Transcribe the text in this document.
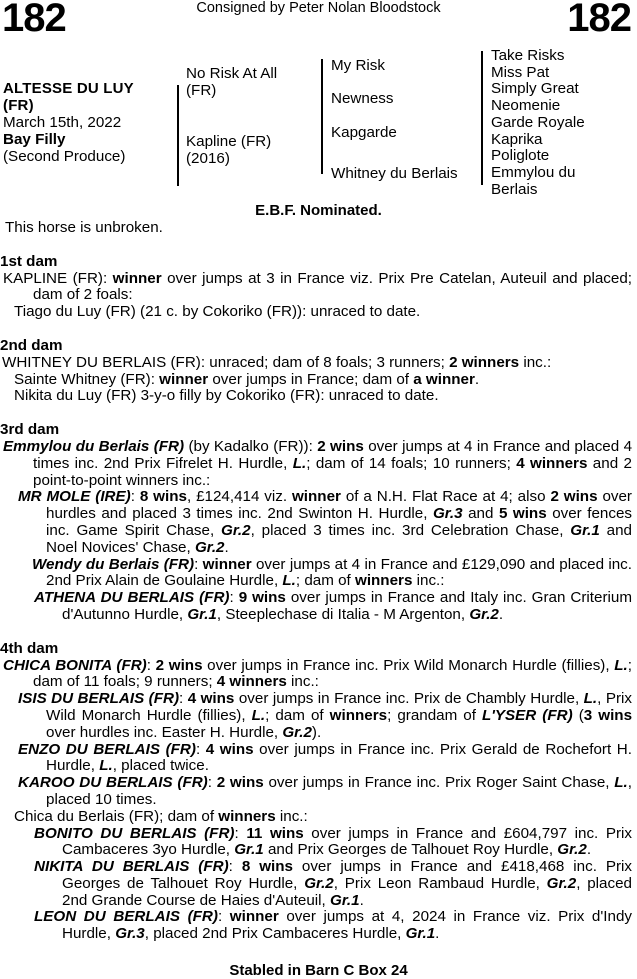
182	Consigned by Peter Nolan Bloodstock	182
ALTESSE DU LUY
(FR)
March 15th, 2022
Bay Filly
(Second Produce)
No Risk At All
(FR)
Kapline (FR)
(2016)
My Risk
Newness
Kapgarde
Whitney du Berlais
Take Risks
Miss Pat
Simply Great
Neomenie
Garde Royale
Kaprika
Poliglote
Emmylou du
Berlais
E.B.F. Nominated.

This horse is unbroken.

1st dam

KAPLINE (FR): winner over jumps at 3 in France viz. Prix Pre Catelan, Auteuil and placed; dam of 2 foals:

Tiago du Luy (FR) (21 c. by Cokoriko (FR)): unraced to date.

2nd dam

WHITNEY DU BERLAIS (FR): unraced; dam of 8 foals; 3 runners; 2 winners inc.:

Sainte Whitney (FR): winner over jumps in France; dam of a winner.

Nikita du Luy (FR) 3-y-o filly by Cokoriko (FR): unraced to date.

3rd dam

Emmylou du Berlais (FR) (by Kadalko (FR)): 2 wins over jumps at 4 in France and placed 4 times inc. 2nd Prix Fifrelet H. Hurdle, L.; dam of 14 foals; 10 runners; 4 winners and 2 point-to-point winners inc.:

MR MOLE (IRE): 8 wins, £124,414 viz. winner of a N.H. Flat Race at 4; also 2 wins over hurdles and placed 3 times inc. 2nd Swinton H. Hurdle, Gr.3 and 5 wins over fences inc. Game Spirit Chase, Gr.2, placed 3 times inc. 3rd Celebration Chase, Gr.1 and Noel Novices' Chase, Gr.2.

Wendy du Berlais (FR): winner over jumps at 4 in France and £129,090 and placed inc. 2nd Prix Alain de Goulaine Hurdle, L.; dam of winners inc.:

ATHENA DU BERLAIS (FR): 9 wins over jumps in France and Italy inc. Gran Criterium d'Autunno Hurdle, Gr.1, Steeplechase di Italia - M Argenton, Gr.2.

4th dam

CHICA BONITA (FR): 2 wins over jumps in France inc. Prix Wild Monarch Hurdle (fillies), L.; dam of 11 foals; 9 runners; 4 winners inc.:

ISIS DU BERLAIS (FR): 4 wins over jumps in France inc. Prix de Chambly Hurdle, L., Prix Wild Monarch Hurdle (fillies), L.; dam of winners; grandam of L'YSER (FR) (3 wins over hurdles inc. Easter H. Hurdle, Gr.2).

ENZO DU BERLAIS (FR): 4 wins over jumps in France inc. Prix Gerald de Rochefort H. Hurdle, L., placed twice.

KAROO DU BERLAIS (FR): 2 wins over jumps in France inc. Prix Roger Saint Chase, L., placed 10 times.

Chica du Berlais (FR); dam of winners inc.:

BONITO DU BERLAIS (FR): 11 wins over jumps in France and £604,797 inc. Prix Cambaceres 3yo Hurdle, Gr.1 and Prix Georges de Talhouet Roy Hurdle, Gr.2.

NIKITA DU BERLAIS (FR): 8 wins over jumps in France and £418,468 inc. Prix Georges de Talhouet Roy Hurdle, Gr.2, Prix Leon Rambaud Hurdle, Gr.2, placed 2nd Grande Course de Haies d'Auteuil, Gr.1.

LEON DU BERLAIS (FR): winner over jumps at 4, 2024 in France viz. Prix d'Indy Hurdle, Gr.3, placed 2nd Prix Cambaceres Hurdle, Gr.1.

Stabled in Barn C Box 24
